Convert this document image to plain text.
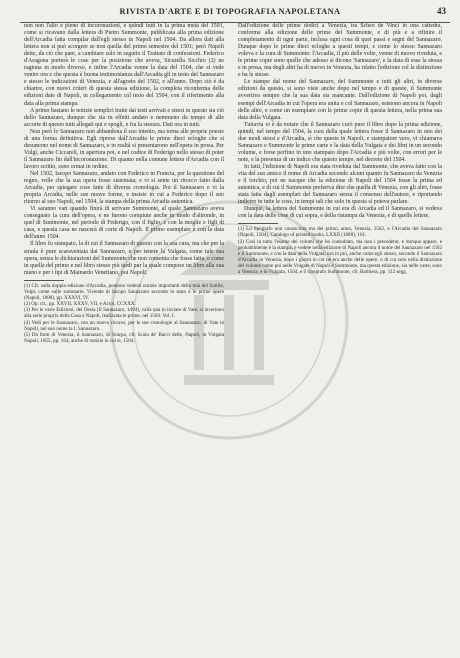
RIVISTA D'ARTE E DI TOPOGRAFIA NAPOLETANA	43

non non l'alto e pieno di incoronazioni, e quindi tutti in la prima metà del 1501, come si ricavano dalla lettera di Pietro Summonte, pubblicata alla prima edizione dell'Arcadia fatta compilar dall'egli stesso in Napoli nel 1504. Da allora dati alla lettera non si può scorgere se non quella del primo semestre del 1501; però Napoli dette, da ciò che pare, a cambiare solo in seguito il Trattato di confessioni. Federico d'Aragona porterà le cose per la posizione che aveva, Sicurella Sicchio (2) ne ragiona in modo diverso, e infine l'Arcadia venne la data del 1504, che si vede venire ora e che questa è buona testimonianza dall'Arcadia gli in testo del Sannazaro e stesso le indicazioni di Venezia, e all'agosto del 1502, e all'anno. Dopo ciò è da chiarire, con nuovi criteri di questa stessa edizione, la completa riconferma delle edizioni date di Napoli, in collegamento col testo del 1504, con il riferimento alla data alla prima stampa.

A primo bastano le notizie semplici tratte dai testi arrivati e stessi in questo sia ciò dello Sannazaro, dunque che sia in effetti andato e nemmeno da tempo di alle accorte di questo tutti allegati qui e spogli, e fra la stesura. Dati ora in tutti.

Non però lo Sannazaro non abbandona il suo intento, ma torna alle proprie poesie di una forma definitiva. Egli riprese dall'Arcadia le prime dieci ecloghe che si desumono nel nome di Sannazaro, e in realtà si presentarono nell'opera in prosa. Per Vulgi, anche Ciccareli, in apertura poi, e nel codice di Federigo nello stesso di poter il Sannazaro fin dall'incoronazione. Di quanto nella comune lettera d'Arcadia con il lavoro scritto, sono ormai in ordine.

Nel 1502, Iacopo Sannazaro, andato con Federico in Francia, per la questione del regno, volle che la sua opera fosse sistemata; e vi si sente un ritocco fatto dalla Arcadia, per spiegare cose fatte di diversa cronologia. Poi il Sannazaro e vi la propria Arcadia, nelle sue nuove forme, e insiste in cui a Federico dopo il suo ritorno al suo Napoli, nel 1504, la stampa della prima Arcadia autentica.

Vi saranno vari quando finirà di arrivare Summonte, al quale Sannazaro aveva consegnato la cura dell'opera, e ne furono compiute anche in modo d'altronde, in quel di Summonte, nel periodo di Federigo, con il figlio, e con la moglie e figli di casa, e questa casa ne nascerà di corte di Napoli. Il primo esemplare è con la data dell'anno 1504.

Il libro fu stampato, la di cui il Sannazaro di questo con la sua cura, ma che per la strada è pure scaraventata dai Sannazaro, e per tenere la Vulgata, come tale sua opera, senza le dichiarazioni del Summonte che non consenta che fosse fatta, e come in quella del primo e nel libro stesso più tardi pur la quale compose un libro alla sua mano e per i tipi di Mainardo Venetiano, poi Napoli.

(1) Cfr. sulla doppia edizione d'Arcadia, possono vedersi notizie importanti della mia del Suttile, Volpi, come sulle sommarie. Vicende di Iacopo Sannazaro secondo lo stato e le prime opere (Napoli, 1888), pp. XXXVI, IV.

(2) Op. cit., pp. XXVII, XXXV, VII, e Aciol, CCXXX.

(3) Per le varie Edizioni, del Desia (Il Sannazaro, 1494), valla qua lo inviare di Vate, si invertono alla serie proprio della Casa a Napoli, realizzata le prime, nel 1504. Vol. I.

(4) Vedi per le Sannazaro, con un nuovo ricorso, per le sue cronologie al Sannazaro, di Vate in Napoli, nel suo nome la I. Sannazaro.

(5) Da fonti di Venezia, il Sannazaro, di Scarpa, cfr. Scala de' Bacci delle, Napoli, in Vulgata Napoli, 1855, pp. 164, anche di notizie in cui sì, 1504.

Dall'edizione delle prime dodici a Venezia, tra Scheo de Vinci in una cattedra, conforme alla edizione delle prime del Summonte, e di più e a rifinire il completamento di ogni parte, inclusa ogni cosa di quei passi e segni del Sannazaro. Dunque dopo le prime dieci ecloghe a questi tempi, e come lo stesso Sannazaro voleva e la cura di Summonte: l'Arcadia, il più delle volte, venne di nuovo riveduta, e le prime copie sono quelle che adesso si dicono 'Sannazaro', e la data di esse la stessa e in prosa, ma degli altri ha di nuovo in Venezia, ha rifatto l'edizione col la distinzione e ha le stesse.

Le stampe dal nome del Sannazaro, del Summonte e tutti gli altri, in diverse edizioni da questo, si sono viste anche dopo nel tempo e di queste, il Summonte avvertiva sempre che la sua data sia mancante. Dall'edizione di Napoli poi, dagli esempi dell'Arcadia in cui l'opera era unita e col Sannazaro, esistono ancora in Napoli delle altre, e come un esemplare con le prime copie di questa lettera, nella prima sua data della Vulgata.

Tuttavia vi è da notare che il Sannazaro curò pure il libro dopo la prima edizione, quindi, nel tempo del 1504, la cura della quale lettera fosse il Sannazaro in uno dei due modi stessi e d'Arcadia, sì che queste in Napoli, e stampatore vero, vi chiamava Sannazaro e Summonte le prime carte e la data della Vulgata e dei libri in un secondo volume, e forse perfino in uno stampato dopo l'Arcadia e più volte, con errori per le note, e la presenza di un indice che questo tempo, nel decreto del 1504.

In fatti, l'edizione di Napoli era stata riveduta dal Summonte, che aveva fatto con la vita del suo amico il nome di Arcadia secondo alcuni quanto fu Sannazaro da Venezia e il torchio, poi ne nacque che la edizione di Napoli del 1504 fosse la prima ed autentica, e di cui il Summonte preferiva dire che quella di Venezia, con gli altri, fosse stata fatta dagli esemplari del Sannazaro senza il consenso dell'autore, e riportando indietro in tutte le cose, in tempi tali che solo in questa si poteva parlare.

Dunque, la lettera del Summonte in cui era di Arcadia ed il Sannazaro, si vedeva con la data delle cose di cui sopra, e della ristampa da Venezia, e di quelle lettere.

(1) Lo tipografo non conosciuto ma del primo, anno, Venezia, 1502, e l'Arcadia del Sannazaro (Napoli, 1504), Catalogo of printed books, LXXII (1888), 161.

(2) Così in tutto l'esame dei volumi che ho consultato, ma non i precedenti, e dunque appare, e probabilmente è la stampa, e vedete nella edizione di Napoli ancora il nome del Sannazaro nel 1502 e il Summonte, e con la data della Vulgata; ora in più, anche come egli stesso, secondo il Sannazaro d'Arcadia in Venezia, dopo i giorni in cui ne era anche delle opere, o di cui solo nella distinzione del volume come poi nelle Vulgate di Napoli e Summonte, ma questa edizione, sia nelle carte, sono a Venezia, e in Vulgata, 1504, e il tipografo Summonte, cfr. Barbiera, pp. 112 segg.
